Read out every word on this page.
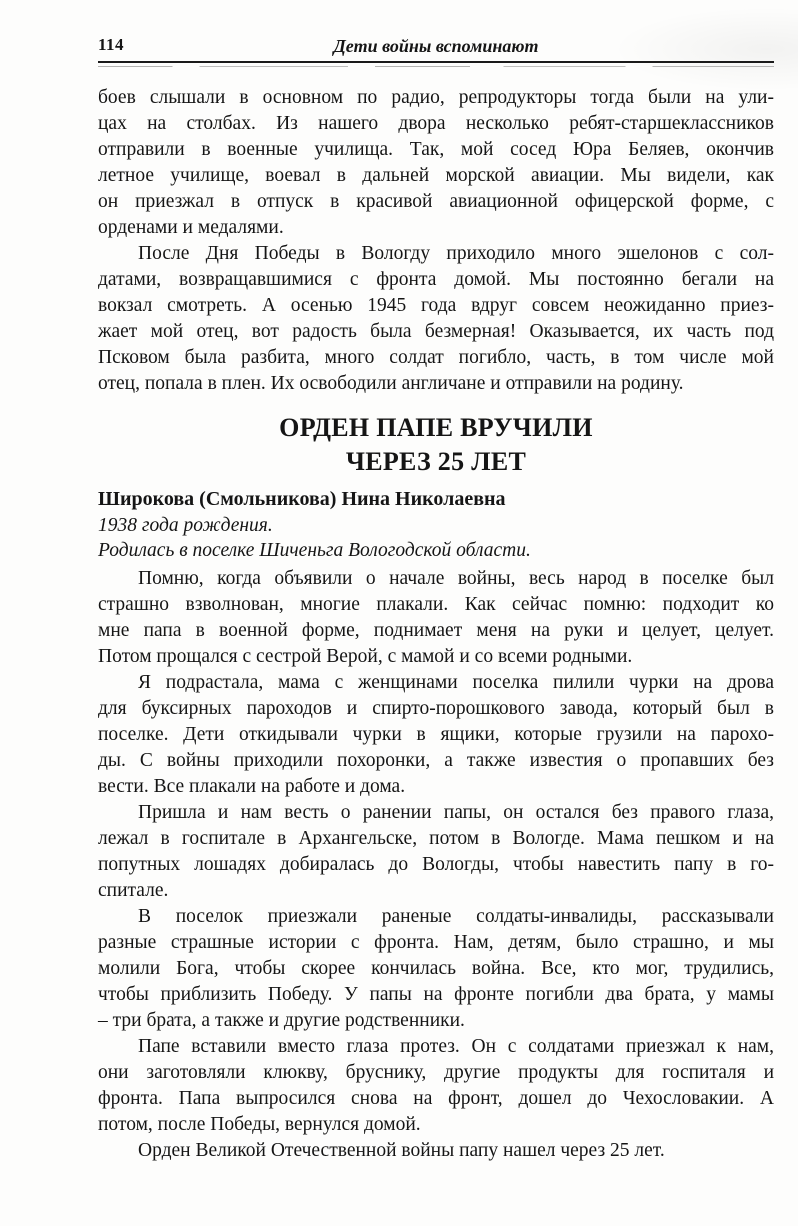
114	Дети войны вспоминают
боев слышали в основном по радио, репродукторы тогда были на ули-
цах на столбах. Из нашего двора несколько ребят-старшеклассников
отправили в военные училища. Так, мой сосед Юра Беляев, окончив
летное училище, воевал в дальней морской авиации. Мы видели, как
он приезжал в отпуск в красивой авиационной офицерской форме, с
орденами и медалями.
После Дня Победы в Вологду приходило много эшелонов с сол-
датами, возвращавшимися с фронта домой. Мы постоянно бегали на
вокзал смотреть. А осенью 1945 года вдруг совсем неожиданно приез-
жает мой отец, вот радость была безмерная! Оказывается, их часть под
Псковом была разбита, много солдат погибло, часть, в том числе мой
отец, попала в плен. Их освободили англичане и отправили на родину.
ОРДЕН ПАПЕ ВРУЧИЛИ
ЧЕРЕЗ 25 ЛЕТ
Широкова (Смольникова) Нина Николаевна
1938 года рождения.
Родилась в поселке Шиченьга Вологодской области.
Помню, когда объявили о начале войны, весь народ в поселке был
страшно взволнован, многие плакали. Как сейчас помню: подходит ко
мне папа в военной форме, поднимает меня на руки и целует, целует.
Потом прощался с сестрой Верой, с мамой и со всеми родными.
Я подрастала, мама с женщинами поселка пилили чурки на дрова
для буксирных пароходов и спирто-порошкового завода, который был в
поселке. Дети откидывали чурки в ящики, которые грузили на парохо-
ды. С войны приходили похоронки, а также известия о пропавших без
вести. Все плакали на работе и дома.
Пришла и нам весть о ранении папы, он остался без правого глаза,
лежал в госпитале в Архангельске, потом в Вологде. Мама пешком и на
попутных лошадях добиралась до Вологды, чтобы навестить папу в го-
спитале.
В поселок приезжали раненые солдаты-инвалиды, рассказывали
разные страшные истории с фронта. Нам, детям, было страшно, и мы
молили Бога, чтобы скорее кончилась война. Все, кто мог, трудились,
чтобы приблизить Победу. У папы на фронте погибли два брата, у мамы
– три брата, а также и другие родственники.
Папе вставили вместо глаза протез. Он с солдатами приезжал к нам,
они заготовляли клюкву, бруснику, другие продукты для госпиталя и
фронта. Папа выпросился снова на фронт, дошел до Чехословакии. А
потом, после Победы, вернулся домой.
Орден Великой Отечественной войны папу нашел через 25 лет.
